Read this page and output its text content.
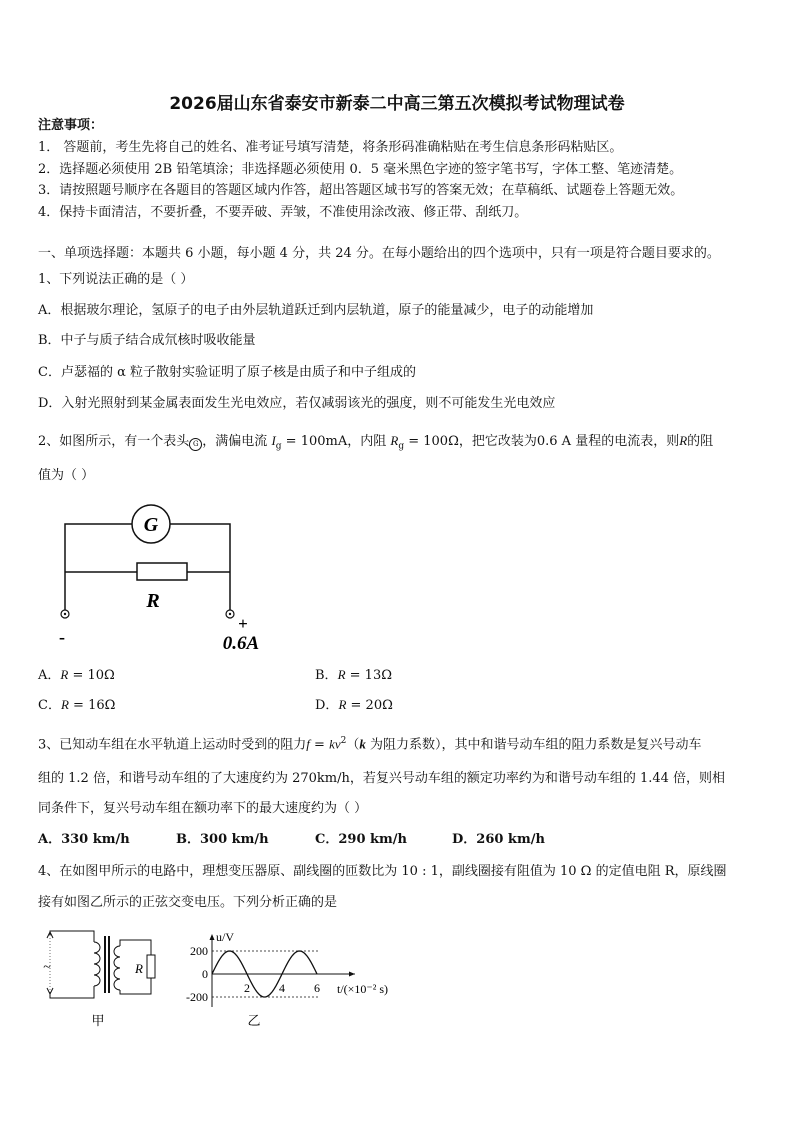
2026届山东省泰安市新泰二中高三第五次模拟考试物理试卷
注意事项：
1． 答题前，考生先将自己的姓名、准考证号填写清楚，将条形码准确粘贴在考生信息条形码粘贴区。
2．选择题必须使用 2B 铅笔填涂；非选择题必须使用 0．5 毫米黑色字迹的签字笔书写，字体工整、笔迹清楚。
3．请按照题号顺序在各题目的答题区域内作答，超出答题区域书写的答案无效；在草稿纸、试题卷上答题无效。
4．保持卡面清洁，不要折叠，不要弄破、弄皱，不准使用涂改液、修正带、刮纸刀。
一、单项选择题：本题共 6 小题，每小题 4 分，共 24 分。在每小题给出的四个选项中，只有一项是符合题目要求的。
1、下列说法正确的是（ ）
A．根据玻尔理论，氢原子的电子由外层轨道跃迁到内层轨道，原子的能量减少，电子的动能增加
B．中子与质子结合成氘核时吸收能量
C．卢瑟福的 α 粒子散射实验证明了原子核是由质子和中子组成的
D．入射光照射到某金属表面发生光电效应，若仅减弱该光的强度，则不可能发生光电效应
2、如图所示，有一个表头 G ，满偏电流 $I_g = 100mA$，内阻 $R_g = 100\Omega$，把它改装为0.6 A 量程的电流表，则R的阻
值为（ ）
G
R
-
+
0.6A
A．R = 10Ω	B．R = 13Ω
C．R = 16Ω	D．R = 20Ω
3、已知动车组在水平轨道上运动时受到的阻力$f = kv^2(k$ 为阻力系数），其中和谐号动车组的阻力系数是复兴号动车
组的 1.2 倍，和谐号动车组的了大速度约为 270km/h，若复兴号动车组的额定功率约为和谐号动车组的 1.44 倍，则相
同条件下，复兴号动车组在额功率下的最大速度约为（ ）
A．330 km/h	B．300 km/h	C．290 km/h	D．260 km/h
4、在如图甲所示的电路中，理想变压器原、副线圈的匝数比为 10 : 1，副线圈接有阻值为 10 Ω 的定值电阻 R，原线圈
接有如图乙所示的正弦交变电压。下列分析正确的是
~	R
甲
u/V
t/(×10⁻² s)
200
0
-200
2 4 6
乙
